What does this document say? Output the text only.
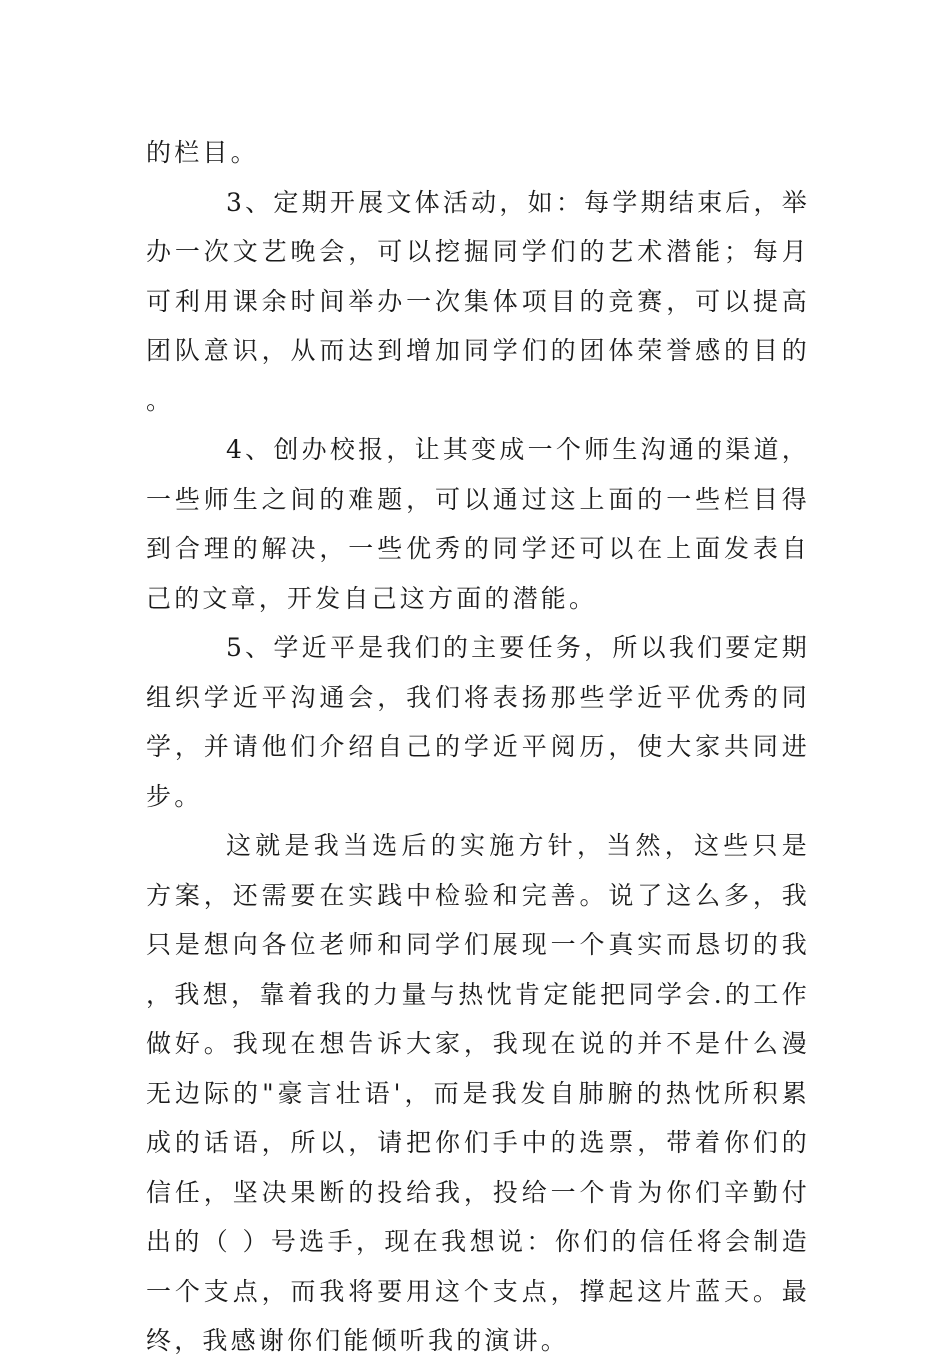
的栏目。

3、定期开展文体活动，如：每学期结束后，举办一次文艺晚会，可以挖掘同学们的艺术潜能；每月可利用课余时间举办一次集体项目的竞赛，可以提高团队意识，从而达到增加同学们的团体荣誉感的目的。

4、创办校报，让其变成一个师生沟通的渠道，一些师生之间的难题，可以通过这上面的一些栏目得到合理的解决，一些优秀的同学还可以在上面发表自己的文章，开发自己这方面的潜能。

5、学近平是我们的主要任务，所以我们要定期组织学近平沟通会，我们将表扬那些学近平优秀的同学，并请他们介绍自己的学近平阅历，使大家共同进步。

这就是我当选后的实施方针，当然，这些只是方案，还需要在实践中检验和完善。说了这么多，我只是想向各位老师和同学们展现一个真实而恳切的我，我想，靠着我的力量与热忱肯定能把同学会.的工作做好。我现在想告诉大家，我现在说的并不是什么漫无边际的"豪言壮语'，而是我发自肺腑的热忱所积累成的话语，所以，请把你们手中的选票，带着你们的信任，坚决果断的投给我，投给一个肯为你们辛勤付出的（ ）号选手，现在我想说：你们的信任将会制造一个支点，而我将要用这个支点，撑起这片蓝天。最终，我感谢你们能倾听我的演讲。
